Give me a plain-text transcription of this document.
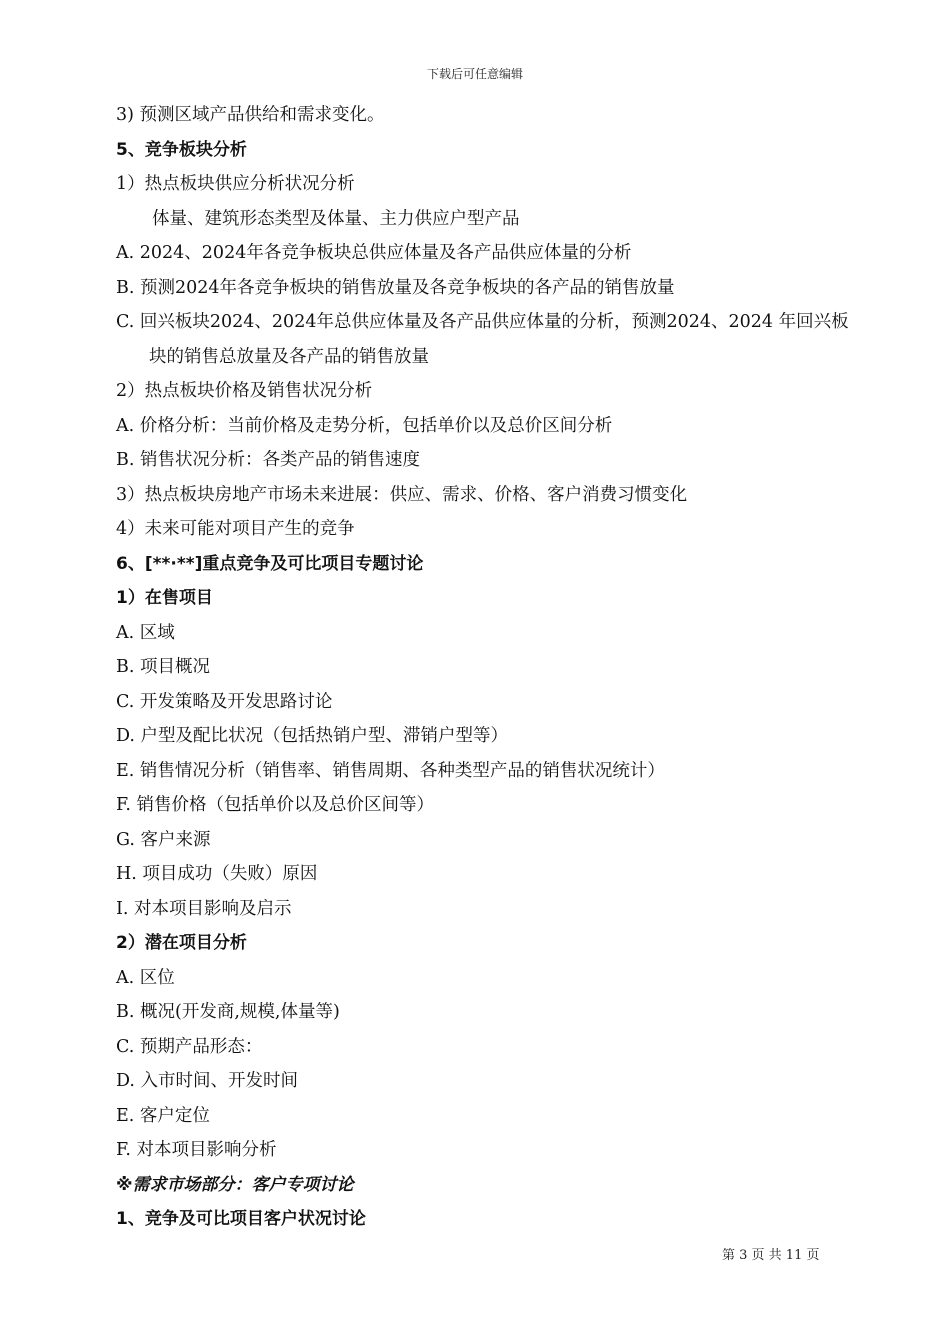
下载后可任意编辑
3) 预测区域产品供给和需求变化。
5、竞争板块分析
1）热点板块供应分析状况分析
体量、建筑形态类型及体量、主力供应户型产品
A. 2024、2024年各竞争板块总供应体量及各产品供应体量的分析
B. 预测2024年各竞争板块的销售放量及各竞争板块的各产品的销售放量
C. 回兴板块2024、2024年总供应体量及各产品供应体量的分析，预测2024、2024 年回兴板块的销售总放量及各产品的销售放量
2）热点板块价格及销售状况分析
A. 价格分析：当前价格及走势分析，包括单价以及总价区间分析
B. 销售状况分析：各类产品的销售速度
3）热点板块房地产市场未来进展：供应、需求、价格、客户消费习惯变化
4）未来可能对项目产生的竞争
6、[**·**]重点竞争及可比项目专题讨论
1）在售项目
A. 区域
B. 项目概况
C. 开发策略及开发思路讨论
D. 户型及配比状况（包括热销户型、滞销户型等）
E. 销售情况分析（销售率、销售周期、各种类型产品的销售状况统计）
F. 销售价格（包括单价以及总价区间等）
G. 客户来源
H. 项目成功（失败）原因
I. 对本项目影响及启示
2）潜在项目分析
A. 区位
B. 概况(开发商,规模,体量等)
C. 预期产品形态：
D. 入市时间、开发时间
E. 客户定位
F. 对本项目影响分析
※需求市场部分：客户专项讨论
1、竞争及可比项目客户状况讨论
第 3 页 共 11 页
